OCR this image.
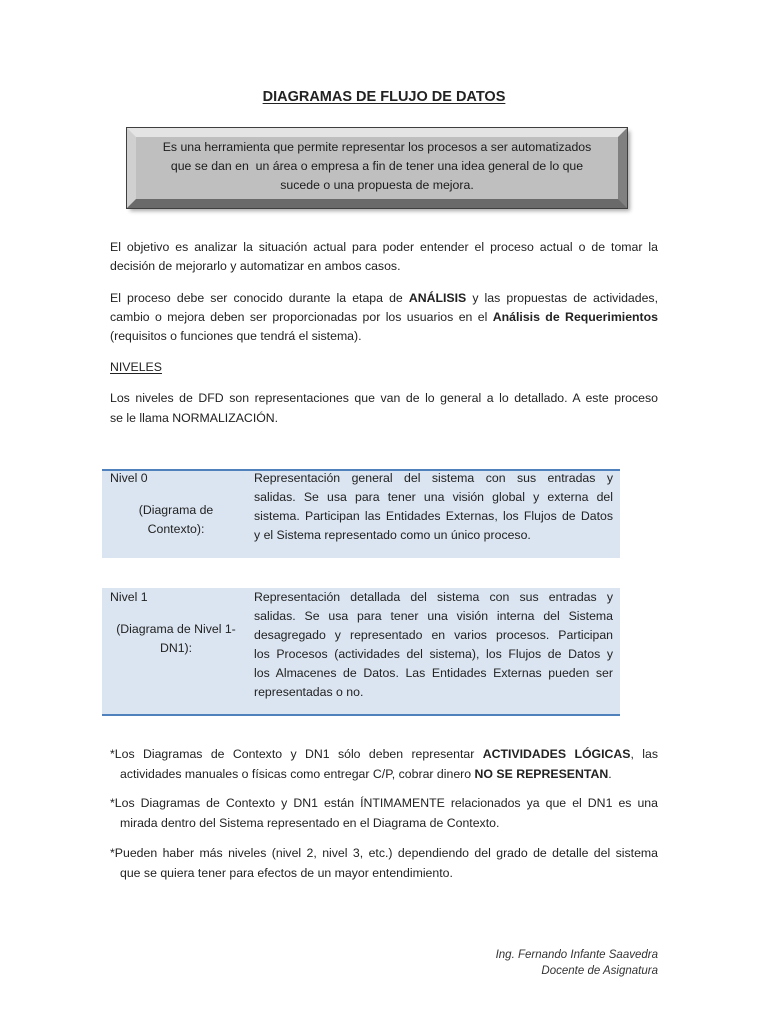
DIAGRAMAS DE FLUJO DE DATOS
Es una herramienta que permite representar los procesos a ser automatizados
que se dan en  un área o empresa a fin de tener una idea general de lo que
sucede o una propuesta de mejora.
El objetivo es analizar la situación actual para poder entender el proceso actual o de tomar la
decisión de mejorarlo y automatizar en ambos casos.
El proceso debe ser conocido durante la etapa de ANÁLISIS y las propuestas de actividades,
cambio o mejora deben ser proporcionadas por los usuarios en el Análisis de Requerimientos
(requisitos o funciones que tendrá el sistema).
NIVELES
Los niveles de DFD son representaciones que van de lo general a lo detallado. A este proceso
se le llama NORMALIZACIÓN.
Nivel 0
(Diagrama de
Contexto):
Representación general del sistema con sus entradas y
salidas. Se usa para tener una visión global y externa del
sistema. Participan las Entidades Externas, los Flujos de Datos
y el Sistema representado como un único proceso.
Nivel 1
(Diagrama de Nivel 1-
DN1):
Representación detallada del sistema con sus entradas y
salidas. Se usa para tener una visión interna del Sistema
desagregado y representado en varios procesos. Participan
los Procesos (actividades del sistema), los Flujos de Datos y
los Almacenes de Datos. Las Entidades Externas pueden ser
representadas o no.
*Los Diagramas de Contexto y DN1 sólo deben representar ACTIVIDADES LÓGICAS, las
actividades manuales o físicas como entregar C/P, cobrar dinero NO SE REPRESENTAN.
*Los Diagramas de Contexto y DN1 están ÍNTIMAMENTE relacionados ya que el DN1 es una
mirada dentro del Sistema representado en el Diagrama de Contexto.
*Pueden haber más niveles (nivel 2, nivel 3, etc.) dependiendo del grado de detalle del sistema
que se quiera tener para efectos de un mayor entendimiento.
Ing. Fernando Infante Saavedra
Docente de Asignatura
